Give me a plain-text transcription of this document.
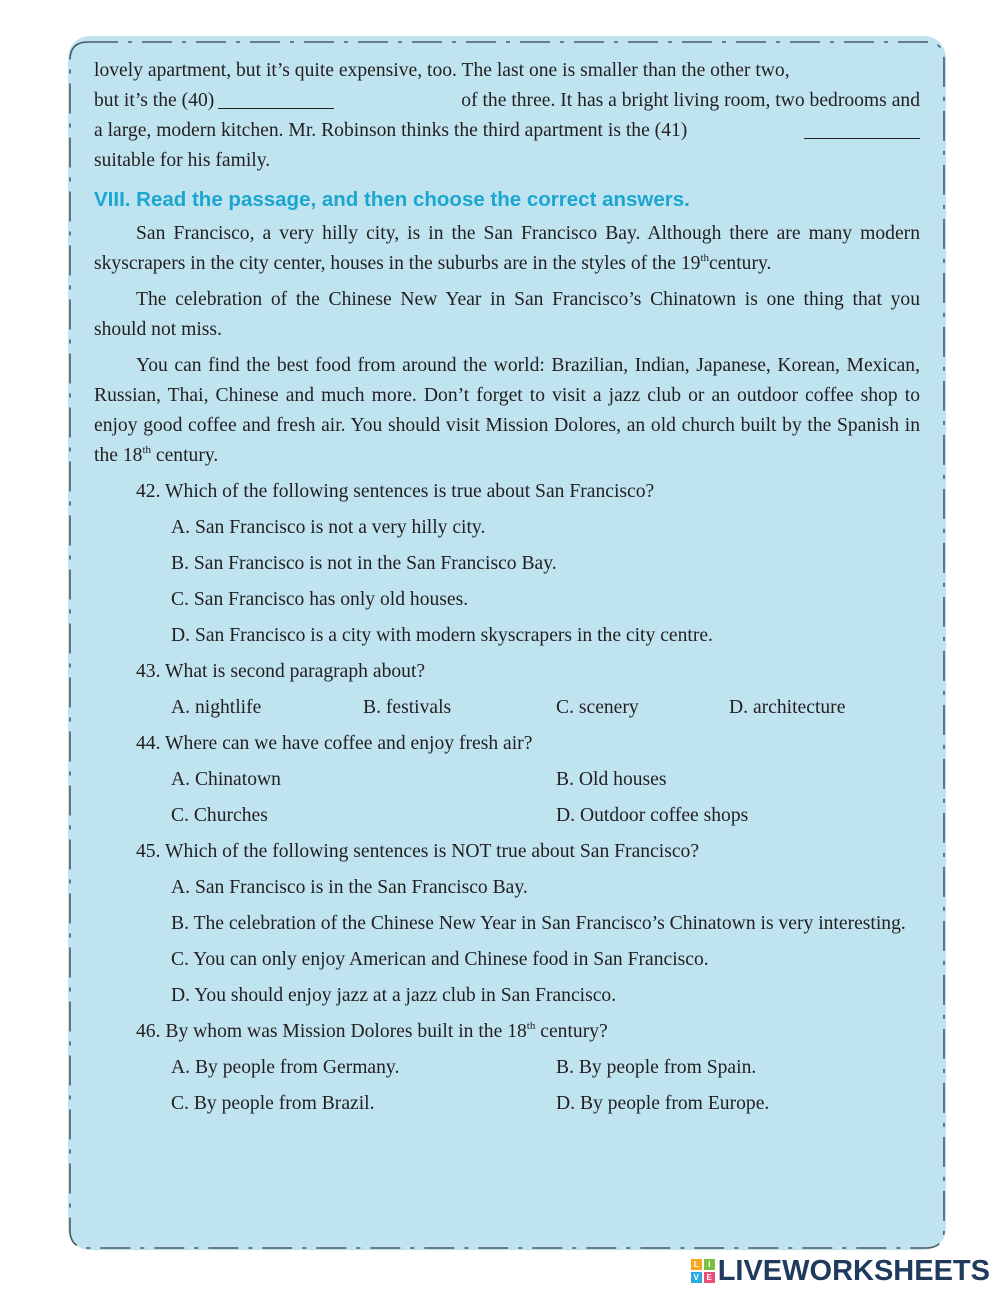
lovely apartment, but it’s quite expensive, too. The last one is smaller than the other two,

but it’s the (40)	of the three. It has a bright living room, two bedrooms and

a large, modern kitchen. Mr. Robinson thinks the third apartment is the (41)

suitable for his family.

VIII. Read the passage, and then choose the correct answers.

San Francisco, a very hilly city, is in the San Francisco Bay. Although there are many modern skyscrapers in the city center, houses in the suburbs are in the styles of the 19thcentury.

The celebration of the Chinese New Year in San Francisco’s Chinatown is one thing that you should not miss.

You can find the best food from around the world: Brazilian, Indian, Japanese, Korean, Mexican, Russian, Thai, Chinese and much more. Don’t forget to visit a jazz club or an outdoor coffee shop to enjoy good coffee and fresh air. You should visit Mission Dolores, an old church built by the Spanish in the 18th century.

42. Which of the following sentences is true about San Francisco?
A. San Francisco is not a very hilly city.
B. San Francisco is not in the San Francisco Bay.
C. San Francisco has only old houses.
D. San Francisco is a city with modern skyscrapers in the city centre.
43. What is second paragraph about?
A. nightlife	B. festivals	C. scenery	D. architecture
44. Where can we have coffee and enjoy fresh air?
A. Chinatown	B. Old houses
C. Churches	D. Outdoor coffee shops
45. Which of the following sentences is NOT true about San Francisco?
A. San Francisco is in the San Francisco Bay.
B. The celebration of the Chinese New Year in San Francisco’s Chinatown is very interesting.
C. You can only enjoy American and Chinese food in San Francisco.
D. You should enjoy jazz at a jazz club in San Francisco.
46. By whom was Mission Dolores built in the 18th century?
A. By people from Germany.	B. By people from Spain.
C. By people from Brazil.	D. By people from Europe.
L	I
V E LIVEWORKSHEETS
